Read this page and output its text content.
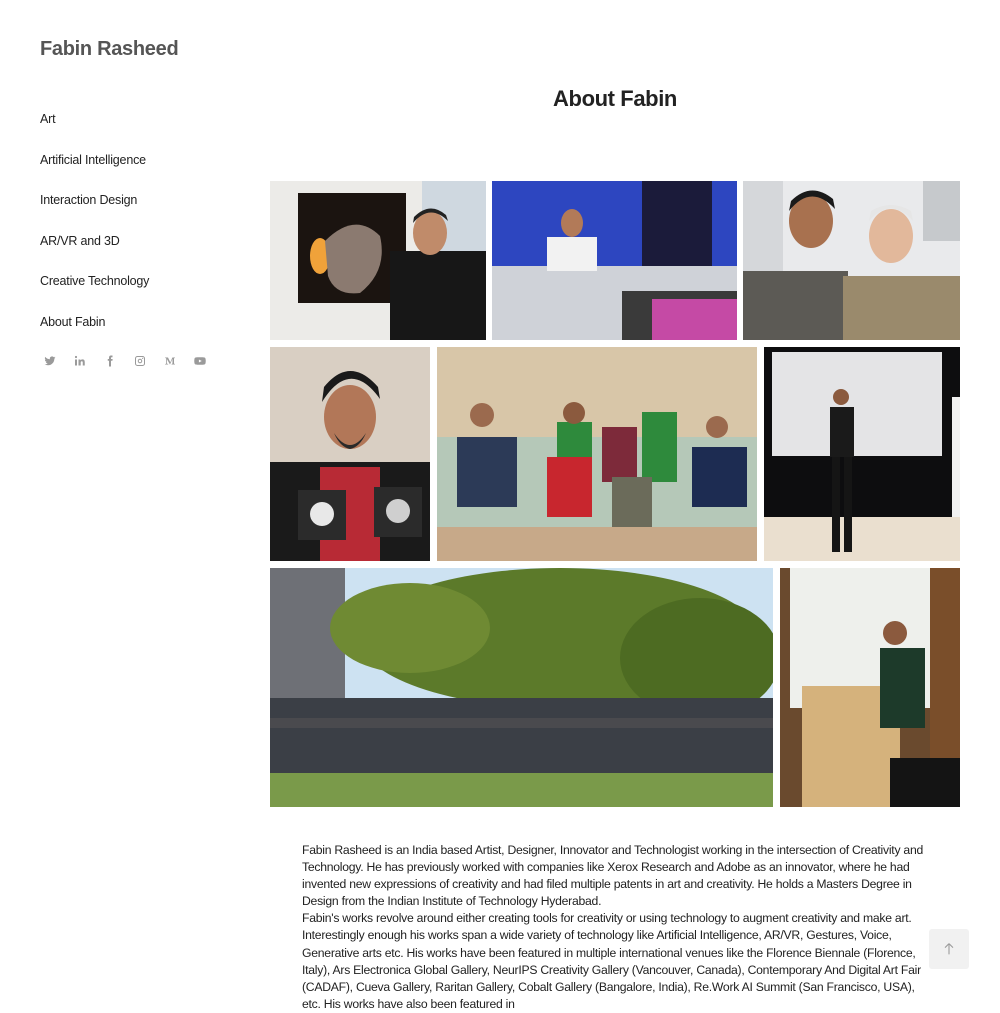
Fabin Rasheed
Art
Artificial Intelligence
Interaction Design
AR/VR and 3D
Creative Technology
About Fabin
About Fabin

Fabin Rasheed is an India based Artist, Designer, Innovator and Technologist working in the intersection of Creativity and Technology. He has previously worked with companies like Xerox Research and Adobe as an innovator, where he had invented new expressions of creativity and had filed multiple patents in art and creativity. He holds a Masters Degree in Design from the Indian Institute of Technology Hyderabad.

Fabin's works revolve around either creating tools for creativity or using technology to augment creativity and make art. Interestingly enough his works span a wide variety of technology like Artificial Intelligence, AR/VR, Gestures, Voice, Generative arts etc. His works have been featured in multiple international venues like the Florence Biennale (Florence, Italy), Ars Electronica Global Gallery, NeurIPS Creativity Gallery (Vancouver, Canada), Contemporary And Digital Art Fair (CADAF), Cueva Gallery, Raritan Gallery, Cobalt Gallery (Bangalore, India), Re.Work AI Summit (San Francisco, USA), etc. His works have also been featured in
